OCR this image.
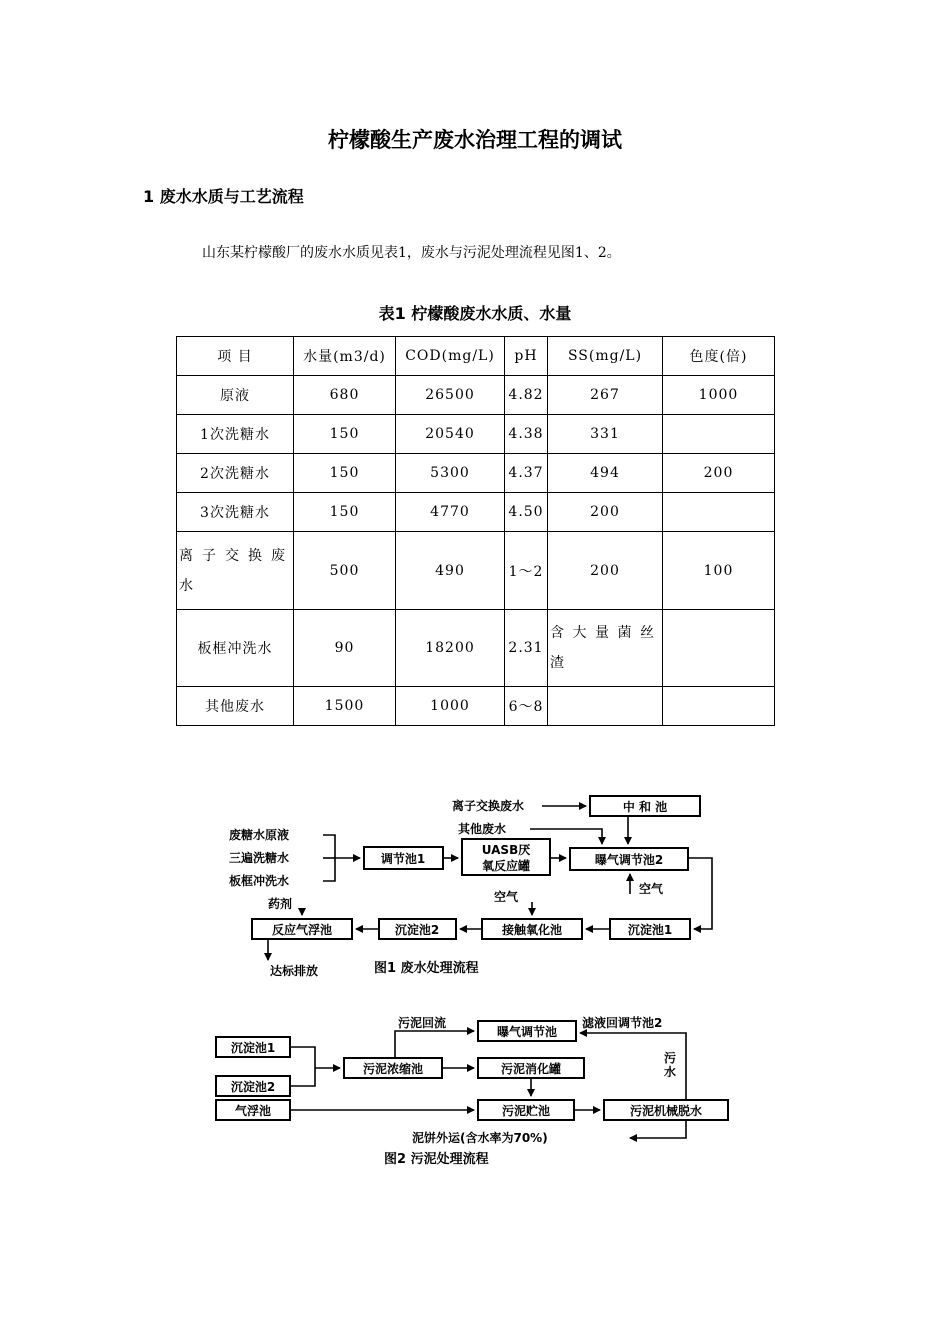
柠檬酸生产废水治理工程的调试
1 废水水质与工艺流程
山东某柠檬酸厂的废水水质见表1，废水与污泥处理流程见图1、2。
表1 柠檬酸废水水质、水量
项 目	水量(m3/d)	COD(mg/L)	pH	SS(mg/L)	色度(倍)
原液	680	26500	4.82	267	1000
1次洗糖水	150	20540	4.38	331	
2次洗糖水	150	5300	4.37	494	200
3次洗糖水	150	4770	4.50	200	
离子交换废水	500	490	1～2	200	100
板框冲洗水	90	18200	2.31	含大量菌丝渣	
其他废水	1500	1000	6～8		
废糖水原液
三遍洗糖水
板框冲洗水
调节池1
UASB厌
氧反应罐
离子交换废水	中 和 池
其他废水
曝气调节池2
空气
沉淀池1
接触氧化池
空气
沉淀池2
反应气浮池
药剂
达标排放	图1 废水处理流程
沉淀池1
沉淀池2
污泥浓缩池
污泥回流
曝气调节池
滤液回调节池2
污
水
污泥消化罐
气浮池	污泥贮池	污泥机械脱水
泥饼外运(含水率为70%)
图2 污泥处理流程
